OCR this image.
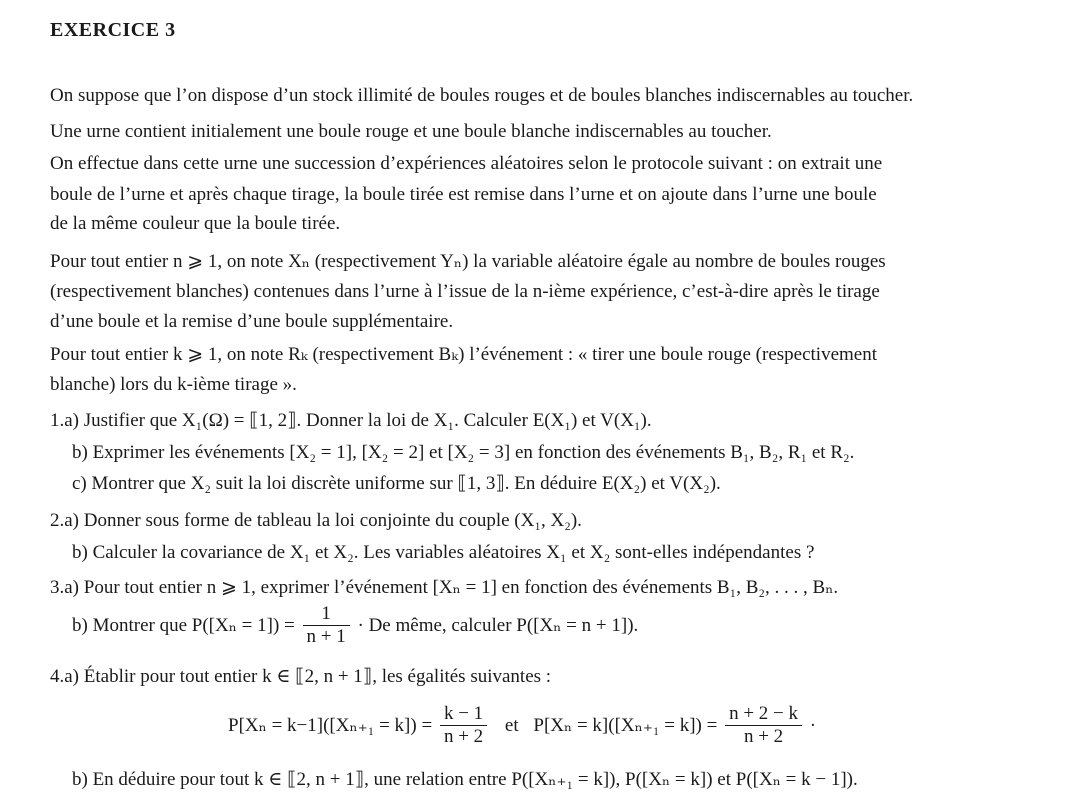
EXERCICE 3
On suppose que l’on dispose d’un stock illimité de boules rouges et de boules blanches indiscernables au toucher.
Une urne contient initialement une boule rouge et une boule blanche indiscernables au toucher.
On effectue dans cette urne une succession d’expériences aléatoires selon le protocole suivant : on extrait une
boule de l’urne et après chaque tirage, la boule tirée est remise dans l’urne et on ajoute dans l’urne une boule
de la même couleur que la boule tirée.
Pour tout entier n ⩾ 1, on note Xₙ (respectivement Yₙ) la variable aléatoire égale au nombre de boules rouges
(respectivement blanches) contenues dans l’urne à l’issue de la n-ième expérience, c’est-à-dire après le tirage
d’une boule et la remise d’une boule supplémentaire.
Pour tout entier k ⩾ 1, on note Rₖ (respectivement Bₖ) l’événement : « tirer une boule rouge (respectivement
blanche) lors du k-ième tirage ».
1.a) Justifier que X₁(Ω) = ⟦1, 2⟧. Donner la loi de X₁. Calculer E(X₁) et V(X₁).
b) Exprimer les événements [X₂ = 1], [X₂ = 2] et [X₂ = 3] en fonction des événements B₁, B₂, R₁ et R₂.
c) Montrer que X₂ suit la loi discrète uniforme sur ⟦1, 3⟧. En déduire E(X₂) et V(X₂).
2.a) Donner sous forme de tableau la loi conjointe du couple (X₁, X₂).
b) Calculer la covariance de X₁ et X₂. Les variables aléatoires X₁ et X₂ sont-elles indépendantes ?
3.a) Pour tout entier n ⩾ 1, exprimer l’événement [Xₙ = 1] en fonction des événements B₁, B₂, . . . , Bₙ.
b) Montrer que $P([X_n = 1]) = \frac{1}{n + 1} \cdot De$ même, calculer P([Xₙ = n + 1]).
4.a) Établir pour tout entier k ∈ ⟦2, n + 1⟧, les égalités suivantes :
$P[X_n = k-1]([X_{n+1} = k]) = \frac{k - 1}{n + 2}$ et $P[X_n = k]([X_{n+1} = k]) = \frac{n + 2 - k}{n + 2}$ ·
b) En déduire pour tout k ∈ ⟦2, n + 1⟧, une relation entre P([Xₙ₊₁ = k]), P([Xₙ = k]) et P([Xₙ = k − 1]).
